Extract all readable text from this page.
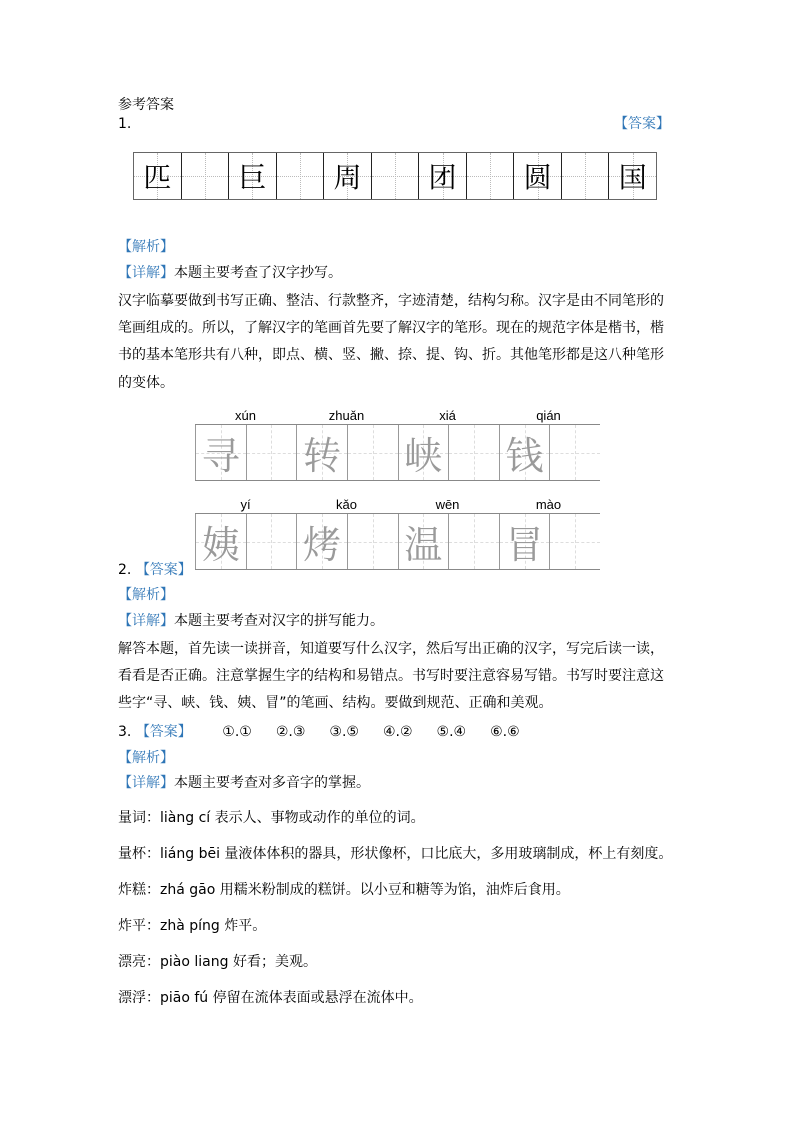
参考答案
1.	【答案】
匹 巨 周 团 圆 国
【解析】
【详解】本题主要考查了汉字抄写。
汉字临摹要做到书写正确、整洁、行款整齐，字迹清楚，结构匀称。汉字是由不同笔形的
笔画组成的。所以，了解汉字的笔画首先要了解汉字的笔形。现在的规范字体是楷书，楷
书的基本笔形共有八种，即点、横、竖、撇、捺、提、钩、折。其他笔形都是这八种笔形
的变体。
xún	zhuǎn	xiá	qián
寻 转 峡 钱
yí	kǎo	wēn	mào
姨 烤 温 冒
2. 【答案】
【解析】
【详解】本题主要考查对汉字的拼写能力。
解答本题，首先读一读拼音，知道要写什么汉字，然后写出正确的汉字，写完后读一读，
看看是否正确。注意掌握生字的结构和易错点。书写时要注意容易写错。书写时要注意这
些字“寻、峡、钱、姨、冒”的笔画、结构。要做到规范、正确和美观。
3. 【答案】 ①.① ②.③ ③.⑤ ④.② ⑤.④ ⑥.⑥
【解析】
【详解】本题主要考查对多音字的掌握。
量词：liàng cí 表示人、事物或动作的单位的词。
量杯：liáng bēi 量液体体积的器具，形状像杯，口比底大，多用玻璃制成，杯上有刻度。
炸糕：zhá gāo 用糯米粉制成的糕饼。以小豆和糖等为馅，油炸后食用。
炸平：zhà píng 炸平。
漂亮：piào liang 好看；美观。
漂浮：piāo fú 停留在流体表面或悬浮在流体中。
